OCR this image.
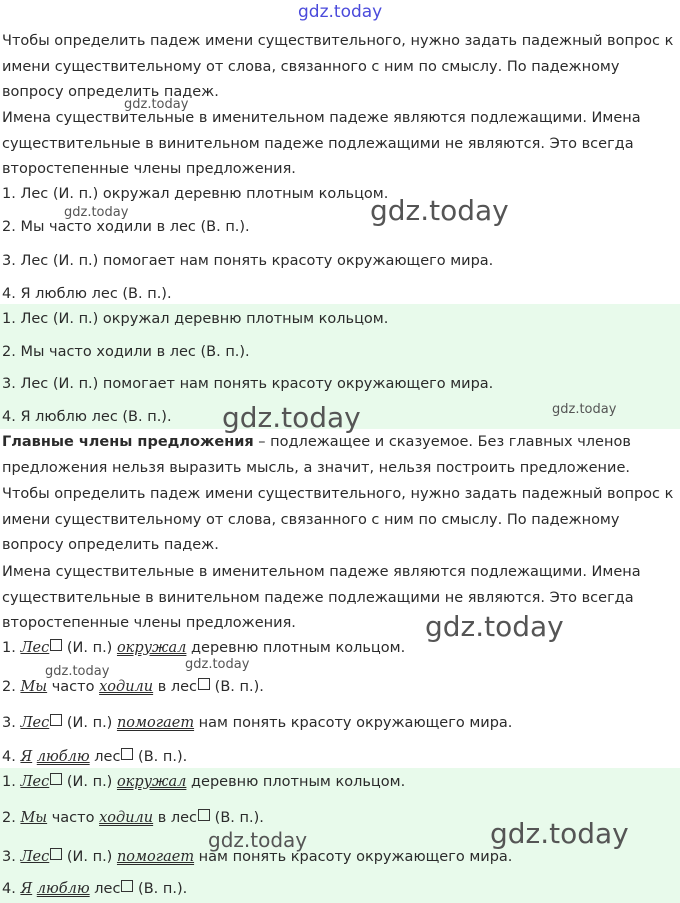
gdz.today
gdz.today
gdz.today
gdz.today
gdz.today	gdz.today
gdz.today
gdz.today
gdz.today
gdz.today
gdz.today
Чтобы определить падеж имени существительного, нужно задать падежный вопрос к имени существительному от слова, связанного с ним по смыслу. По падежному вопросу определить падеж.
Имена существительные в именительном падеже являются подлежащими. Имена существительные в винительном падеже подлежащими не являются. Это всегда второстепенные члены предложения.
1. Лес (И. п.) окружал деревню плотным кольцом.
2. Мы часто ходили в лес (В. п.).
3. Лес (И. п.) помогает нам понять красоту окружающего мира.
4. Я люблю лес (В. п.).
1. Лес (И. п.) окружал деревню плотным кольцом.
2. Мы часто ходили в лес (В. п.).
3. Лес (И. п.) помогает нам понять красоту окружающего мира.
4. Я люблю лес (В. п.).
Главные члены предложения – подлежащее и сказуемое. Без главных членов предложения нельзя выразить мысль, а значит, нельзя построить предложение.
Чтобы определить падеж имени существительного, нужно задать падежный вопрос к имени существительному от слова, связанного с ним по смыслу. По падежному вопросу определить падеж.
Имена существительные в именительном падеже являются подлежащими. Имена существительные в винительном падеже подлежащими не являются. Это всегда второстепенные члены предложения.
1. Лес (И. п.) окружал деревню плотным кольцом.
2. Мы часто ходили в лес (В. п.).
3. Лес (И. п.) помогает нам понять красоту окружающего мира.
4. Я люблю лес (В. п.).
1. Лес (И. п.) окружал деревню плотным кольцом.
2. Мы часто ходили в лес (В. п.).
3. Лес (И. п.) помогает нам понять красоту окружающего мира.
4. Я люблю лес (В. п.).
